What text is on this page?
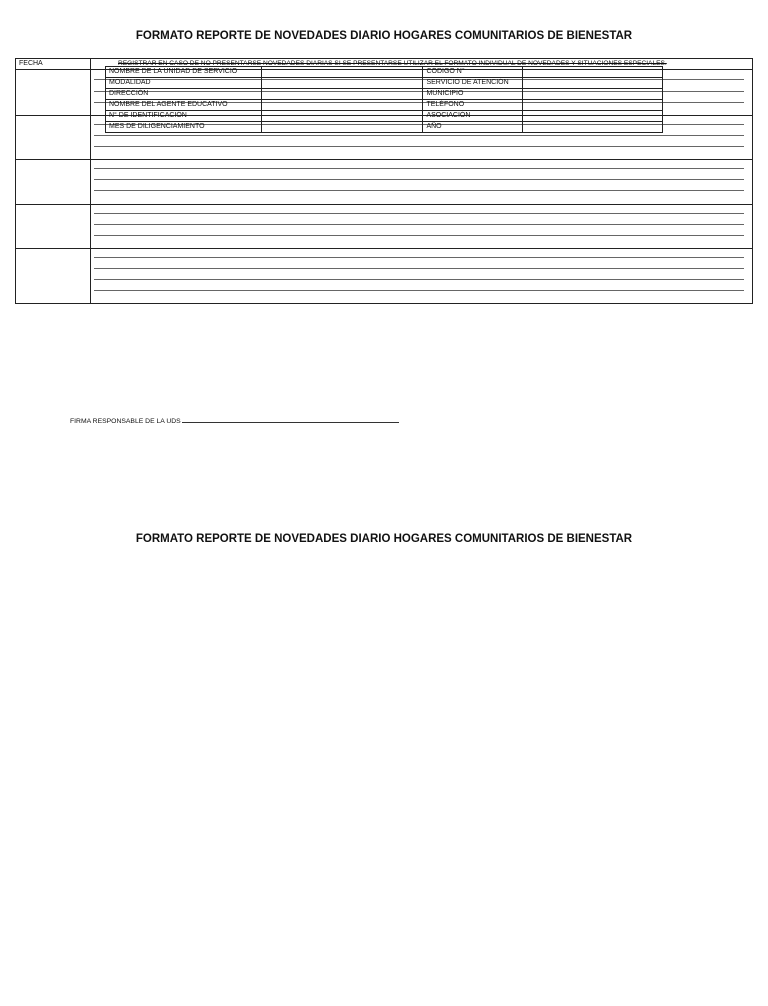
FORMATO REPORTE DE NOVEDADES DIARIO HOGARES COMUNITARIOS DE BIENESTAR
FECHA	REGISTRAR EN CASO DE NO PRESENTARSE NOVEDADES DIARIAS SI SE PRESENTARSE UTILIZAR EL FORMATO INDIVIDUAL DE NOVEDADES Y SITUACIONES ESPECIALES.
NOMBRE DE LA UNIDAD DE SERVICIO		CÓDIGO N°	
MODALIDAD		SERVICIO DE ATENCIÓN	
DIRECCIÓN		MUNICIPIO	
NOMBRE DEL AGENTE EDUCATIVO		TELÉFONO	
N° DE IDENTIFICACIÓN		ASOCIACIÓN	
MES DE DILIGENCIAMIENTO		AÑO	
FIRMA RESPONSABLE DE LA UDS
FORMATO REPORTE DE NOVEDADES DIARIO HOGARES COMUNITARIOS DE BIENESTAR
